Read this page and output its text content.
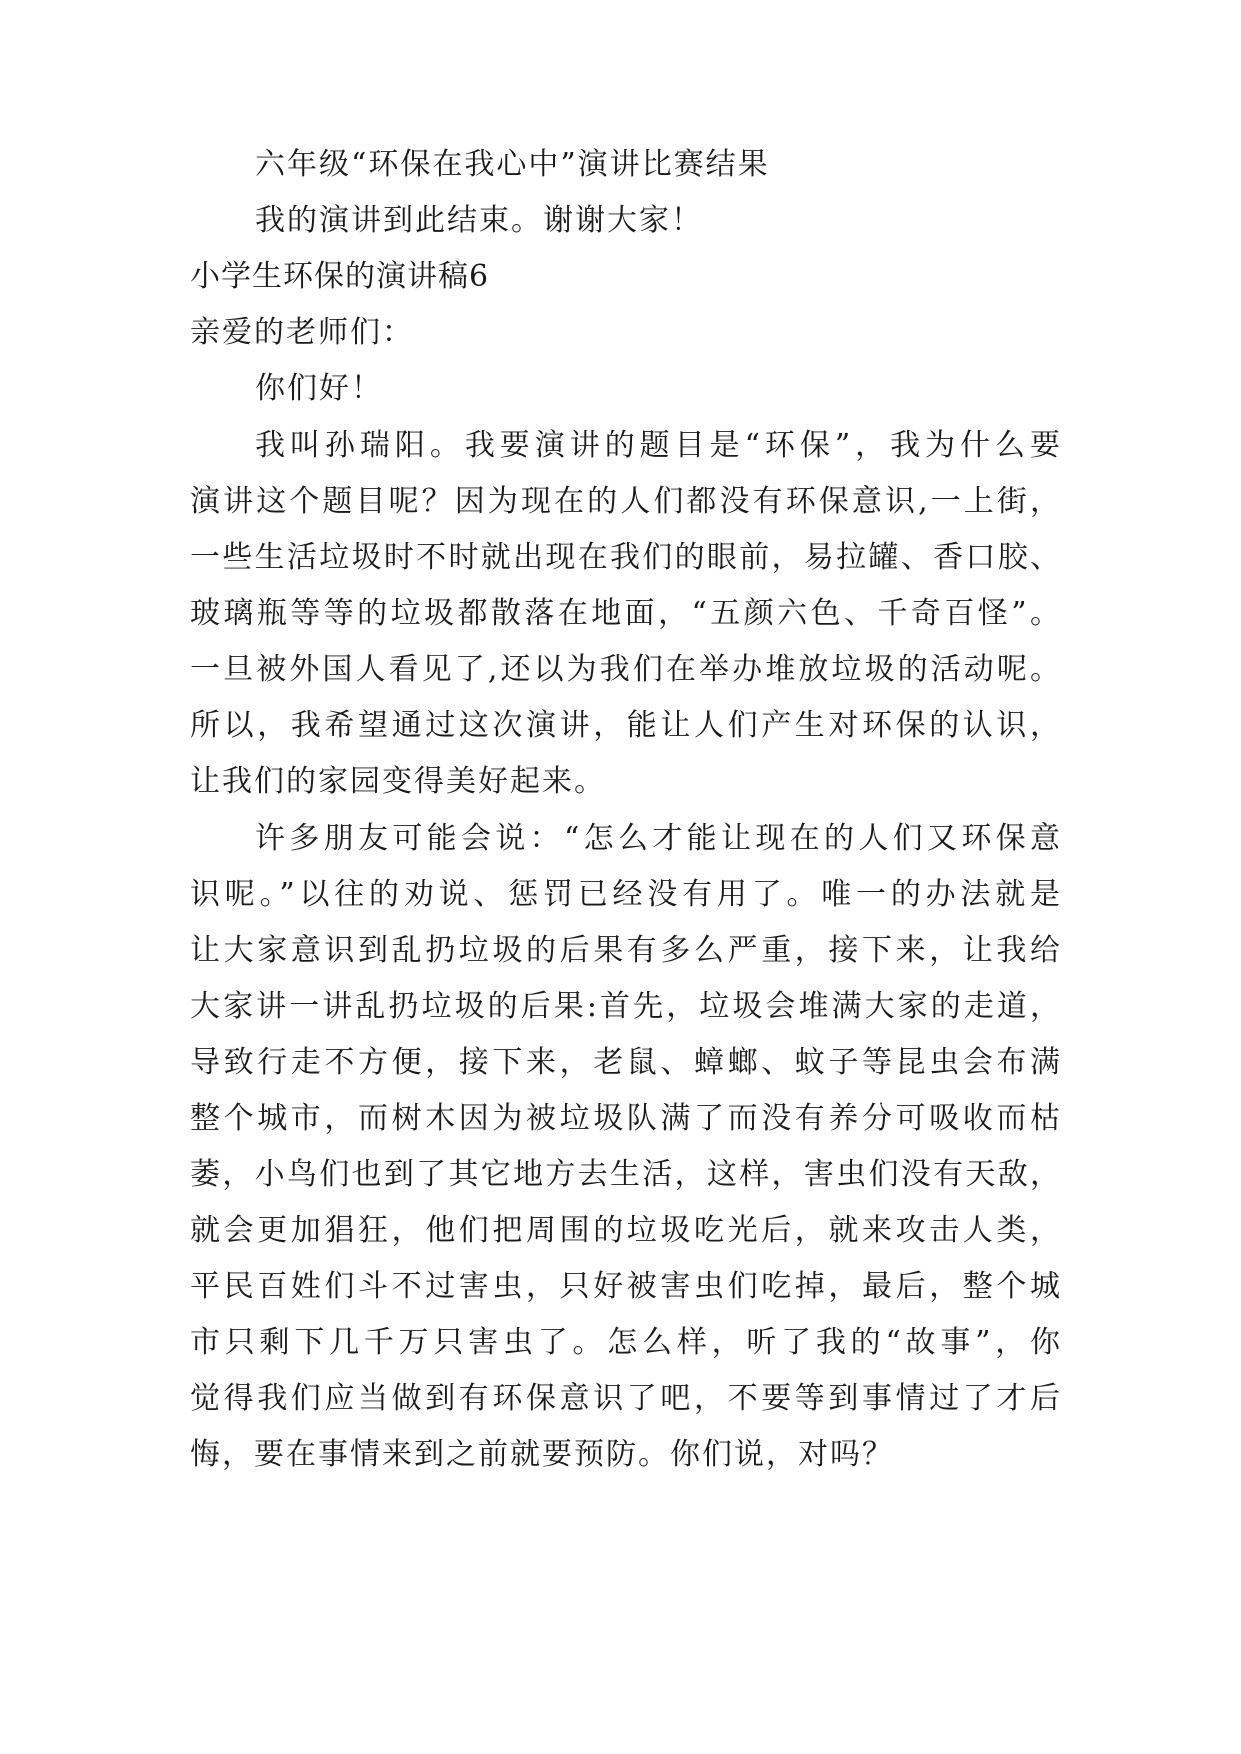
六年级“环保在我心中”演讲比赛结果
我的演讲到此结束。谢谢大家！
小学生环保的演讲稿6
亲爱的老师们：
你们好！
我叫孙瑞阳。我要演讲的题目是“环保”，我为什么要
演讲这个题目呢？因为现在的人们都没有环保意识,一上街，
一些生活垃圾时不时就出现在我们的眼前，易拉罐、香口胶、
玻璃瓶等等的垃圾都散落在地面，“五颜六色、千奇百怪”。
一旦被外国人看见了,还以为我们在举办堆放垃圾的活动呢。
所以，我希望通过这次演讲，能让人们产生对环保的认识，
让我们的家园变得美好起来。
许多朋友可能会说：“怎么才能让现在的人们又环保意
识呢。”以往的劝说、惩罚已经没有用了。唯一的办法就是
让大家意识到乱扔垃圾的后果有多么严重，接下来，让我给
大家讲一讲乱扔垃圾的后果:首先，垃圾会堆满大家的走道，
导致行走不方便，接下来，老鼠、蟑螂、蚊子等昆虫会布满
整个城市，而树木因为被垃圾队满了而没有养分可吸收而枯
萎，小鸟们也到了其它地方去生活，这样，害虫们没有天敌，
就会更加猖狂，他们把周围的垃圾吃光后，就来攻击人类，
平民百姓们斗不过害虫，只好被害虫们吃掉，最后，整个城
市只剩下几千万只害虫了。怎么样，听了我的“故事”，你
觉得我们应当做到有环保意识了吧，不要等到事情过了才后
悔，要在事情来到之前就要预防。你们说，对吗？
